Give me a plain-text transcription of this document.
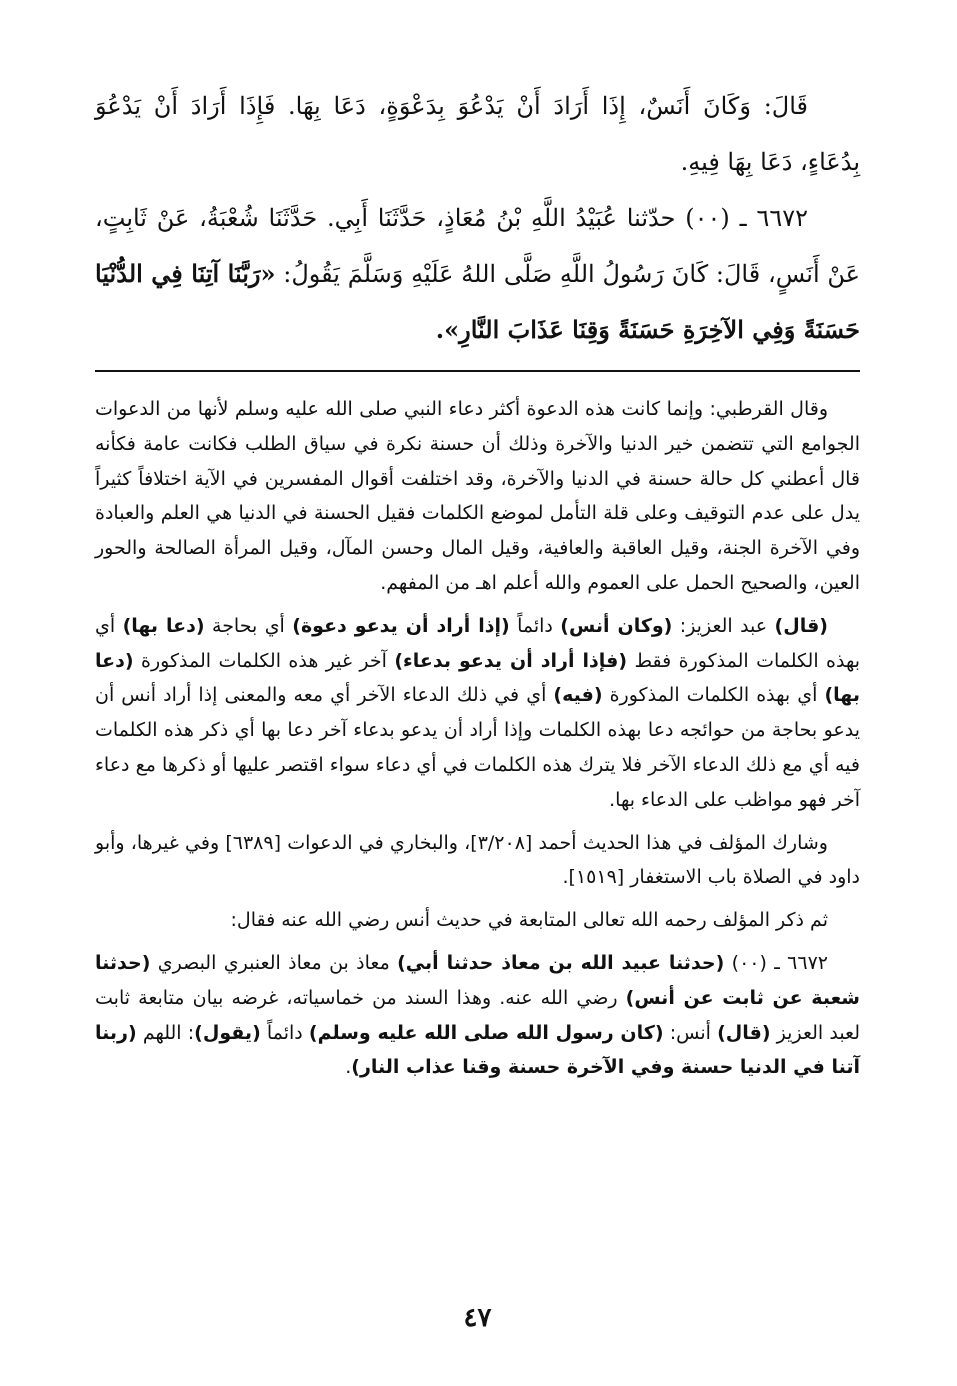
قَالَ: وَكَانَ أَنَسٌ، إِذَا أَرَادَ أَنْ يَدْعُوَ بِدَعْوَةٍ، دَعَا بِهَا. فَإِذَا أَرَادَ أَنْ يَدْعُوَ بِدُعَاءٍ، دَعَا بِهَا فِيهِ.

٦٦٧٢ ـ (٠٠) حدّثنا عُبَيْدُ اللَّهِ بْنُ مُعَاذٍ، حَدَّثَنَا أَبِي. حَدَّثَنَا شُعْبَةُ، عَنْ ثَابِتٍ، عَنْ أَنَسٍ، قَالَ: كَانَ رَسُولُ اللَّهِ صَلَّى اللهُ عَلَيْهِ وَسَلَّمَ يَقُولُ: «رَبَّنَا آتِنَا فِي الدُّنْيَا حَسَنَةً وَفِي الآخِرَةِ حَسَنَةً وَقِنَا عَذَابَ النَّارِ».

وقال القرطبي: وإنما كانت هذه الدعوة أكثر دعاء النبي صلى الله عليه وسلم لأنها من الدعوات الجوامع التي تتضمن خير الدنيا والآخرة وذلك أن حسنة نكرة في سياق الطلب فكانت عامة فكأنه قال أعطني كل حالة حسنة في الدنيا والآخرة، وقد اختلفت أقوال المفسرين في الآية اختلافاً كثيراً يدل على عدم التوقيف وعلى قلة التأمل لموضع الكلمات فقيل الحسنة في الدنيا هي العلم والعبادة وفي الآخرة الجنة، وقيل العاقبة والعافية، وقيل المال وحسن المآل، وقيل المرأة الصالحة والحور العين، والصحيح الحمل على العموم والله أعلم اهـ من المفهم.

(قال) عبد العزيز: (وكان أنس) دائماً (إذا أراد أن يدعو دعوة) أي بحاجة (دعا بها) أي بهذه الكلمات المذكورة فقط (فإذا أراد أن يدعو بدعاء) آخر غير هذه الكلمات المذكورة (دعا بها) أي بهذه الكلمات المذكورة (فيه) أي في ذلك الدعاء الآخر أي معه والمعنى إذا أراد أنس أن يدعو بحاجة من حوائجه دعا بهذه الكلمات وإذا أراد أن يدعو بدعاء آخر دعا بها أي ذكر هذه الكلمات فيه أي مع ذلك الدعاء الآخر فلا يترك هذه الكلمات في أي دعاء سواء اقتصر عليها أو ذكرها مع دعاء آخر فهو مواظب على الدعاء بها.

وشارك المؤلف في هذا الحديث أحمد [٣/٢٠٨]، والبخاري في الدعوات [٦٣٨٩] وفي غيرها، وأبو داود في الصلاة باب الاستغفار [١٥١٩].

ثم ذكر المؤلف رحمه الله تعالى المتابعة في حديث أنس رضي الله عنه فقال:

٦٦٧٢ ـ (٠٠) (حدثنا عبيد الله بن معاذ حدثنا أبي) معاذ بن معاذ العنبري البصري (حدثنا شعبة عن ثابت عن أنس) رضي الله عنه. وهذا السند من خماسياته، غرضه بيان متابعة ثابت لعبد العزيز (قال) أنس: (كان رسول الله صلى الله عليه وسلم) دائماً (يقول): اللهم (ربنا آتنا في الدنيا حسنة وفي الآخرة حسنة وقنا عذاب النار).

٤٧
